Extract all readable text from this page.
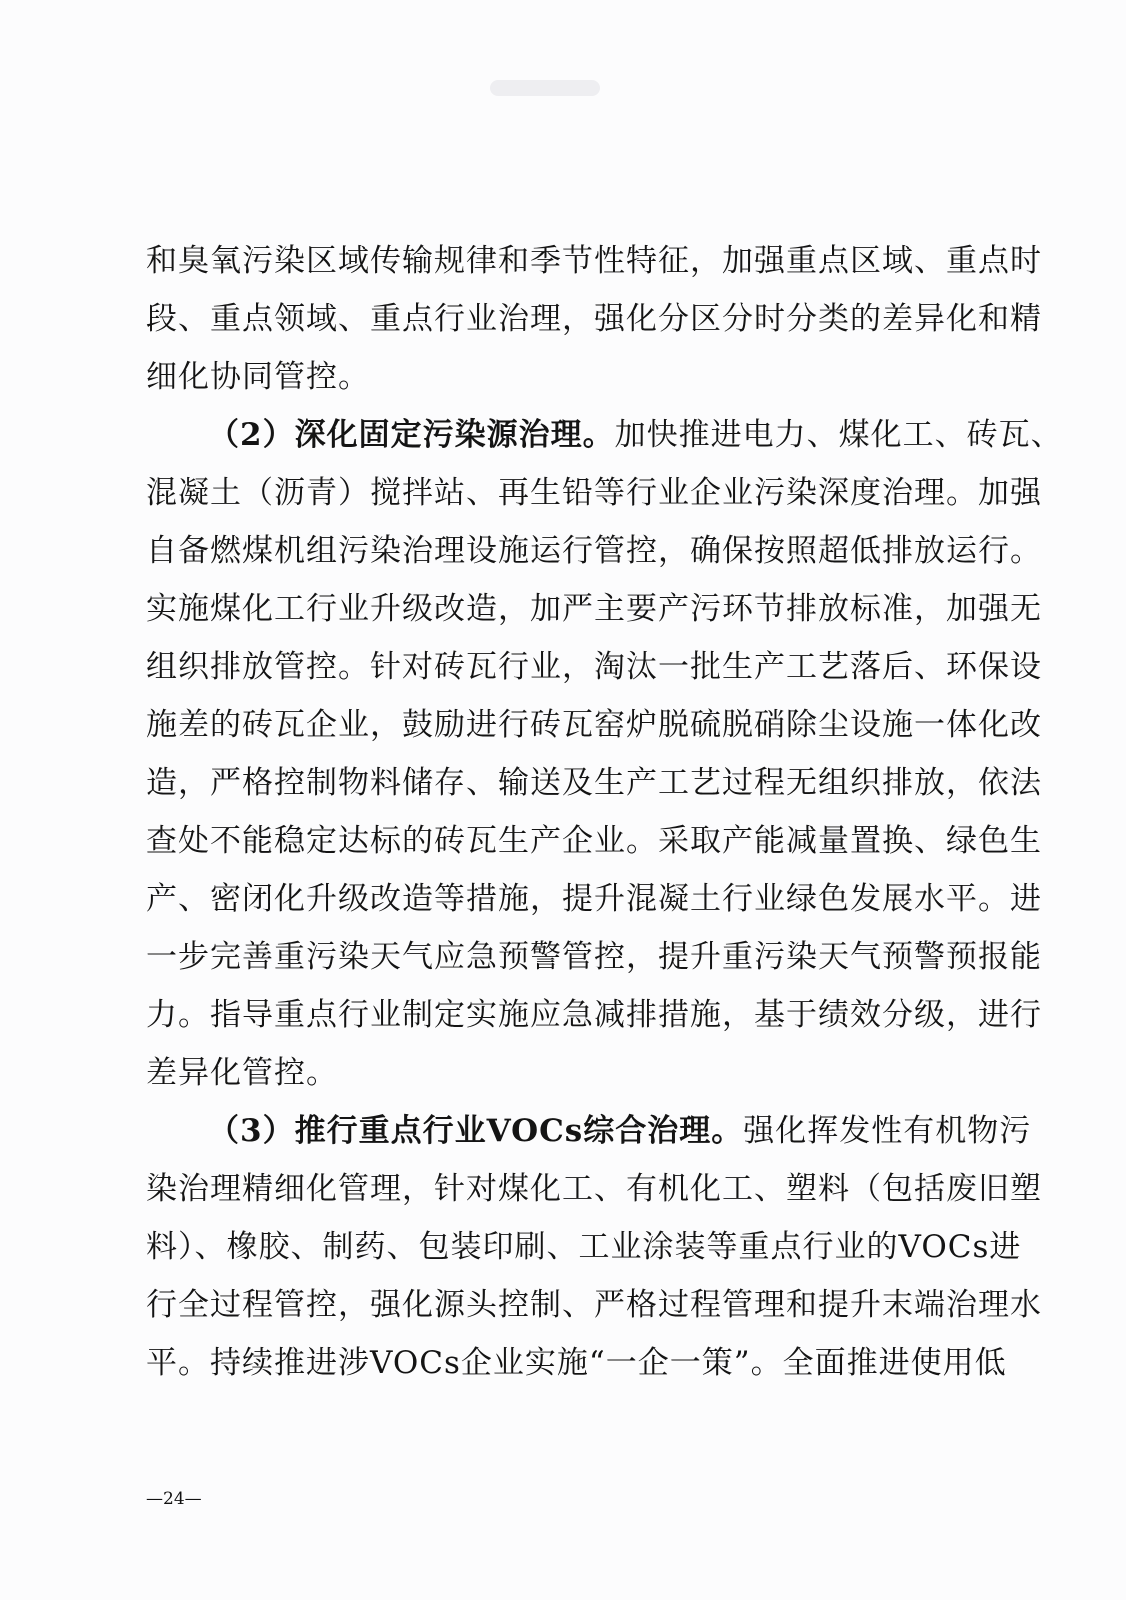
和臭氧污染区域传输规律和季节性特征，加强重点区域、重点时
段、重点领域、重点行业治理，强化分区分时分类的差异化和精
细化协同管控。
（2）深化固定污染源治理。加快推进电力、煤化工、砖瓦、
混凝土（沥青）搅拌站、再生铅等行业企业污染深度治理。加强
自备燃煤机组污染治理设施运行管控，确保按照超低排放运行。
实施煤化工行业升级改造，加严主要产污环节排放标准，加强无
组织排放管控。针对砖瓦行业，淘汰一批生产工艺落后、环保设
施差的砖瓦企业，鼓励进行砖瓦窑炉脱硫脱硝除尘设施一体化改
造，严格控制物料储存、输送及生产工艺过程无组织排放，依法
查处不能稳定达标的砖瓦生产企业。采取产能减量置换、绿色生
产、密闭化升级改造等措施，提升混凝土行业绿色发展水平。进
一步完善重污染天气应急预警管控，提升重污染天气预警预报能
力。指导重点行业制定实施应急减排措施，基于绩效分级，进行
差异化管控。
（3）推行重点行业VOCs综合治理。强化挥发性有机物污
染治理精细化管理，针对煤化工、有机化工、塑料（包括废旧塑
料）、橡胶、制药、包装印刷、工业涂装等重点行业的VOCs进
行全过程管控，强化源头控制、严格过程管理和提升末端治理水
平。持续推进涉VOCs企业实施“一企一策”。全面推进使用低
—24—
